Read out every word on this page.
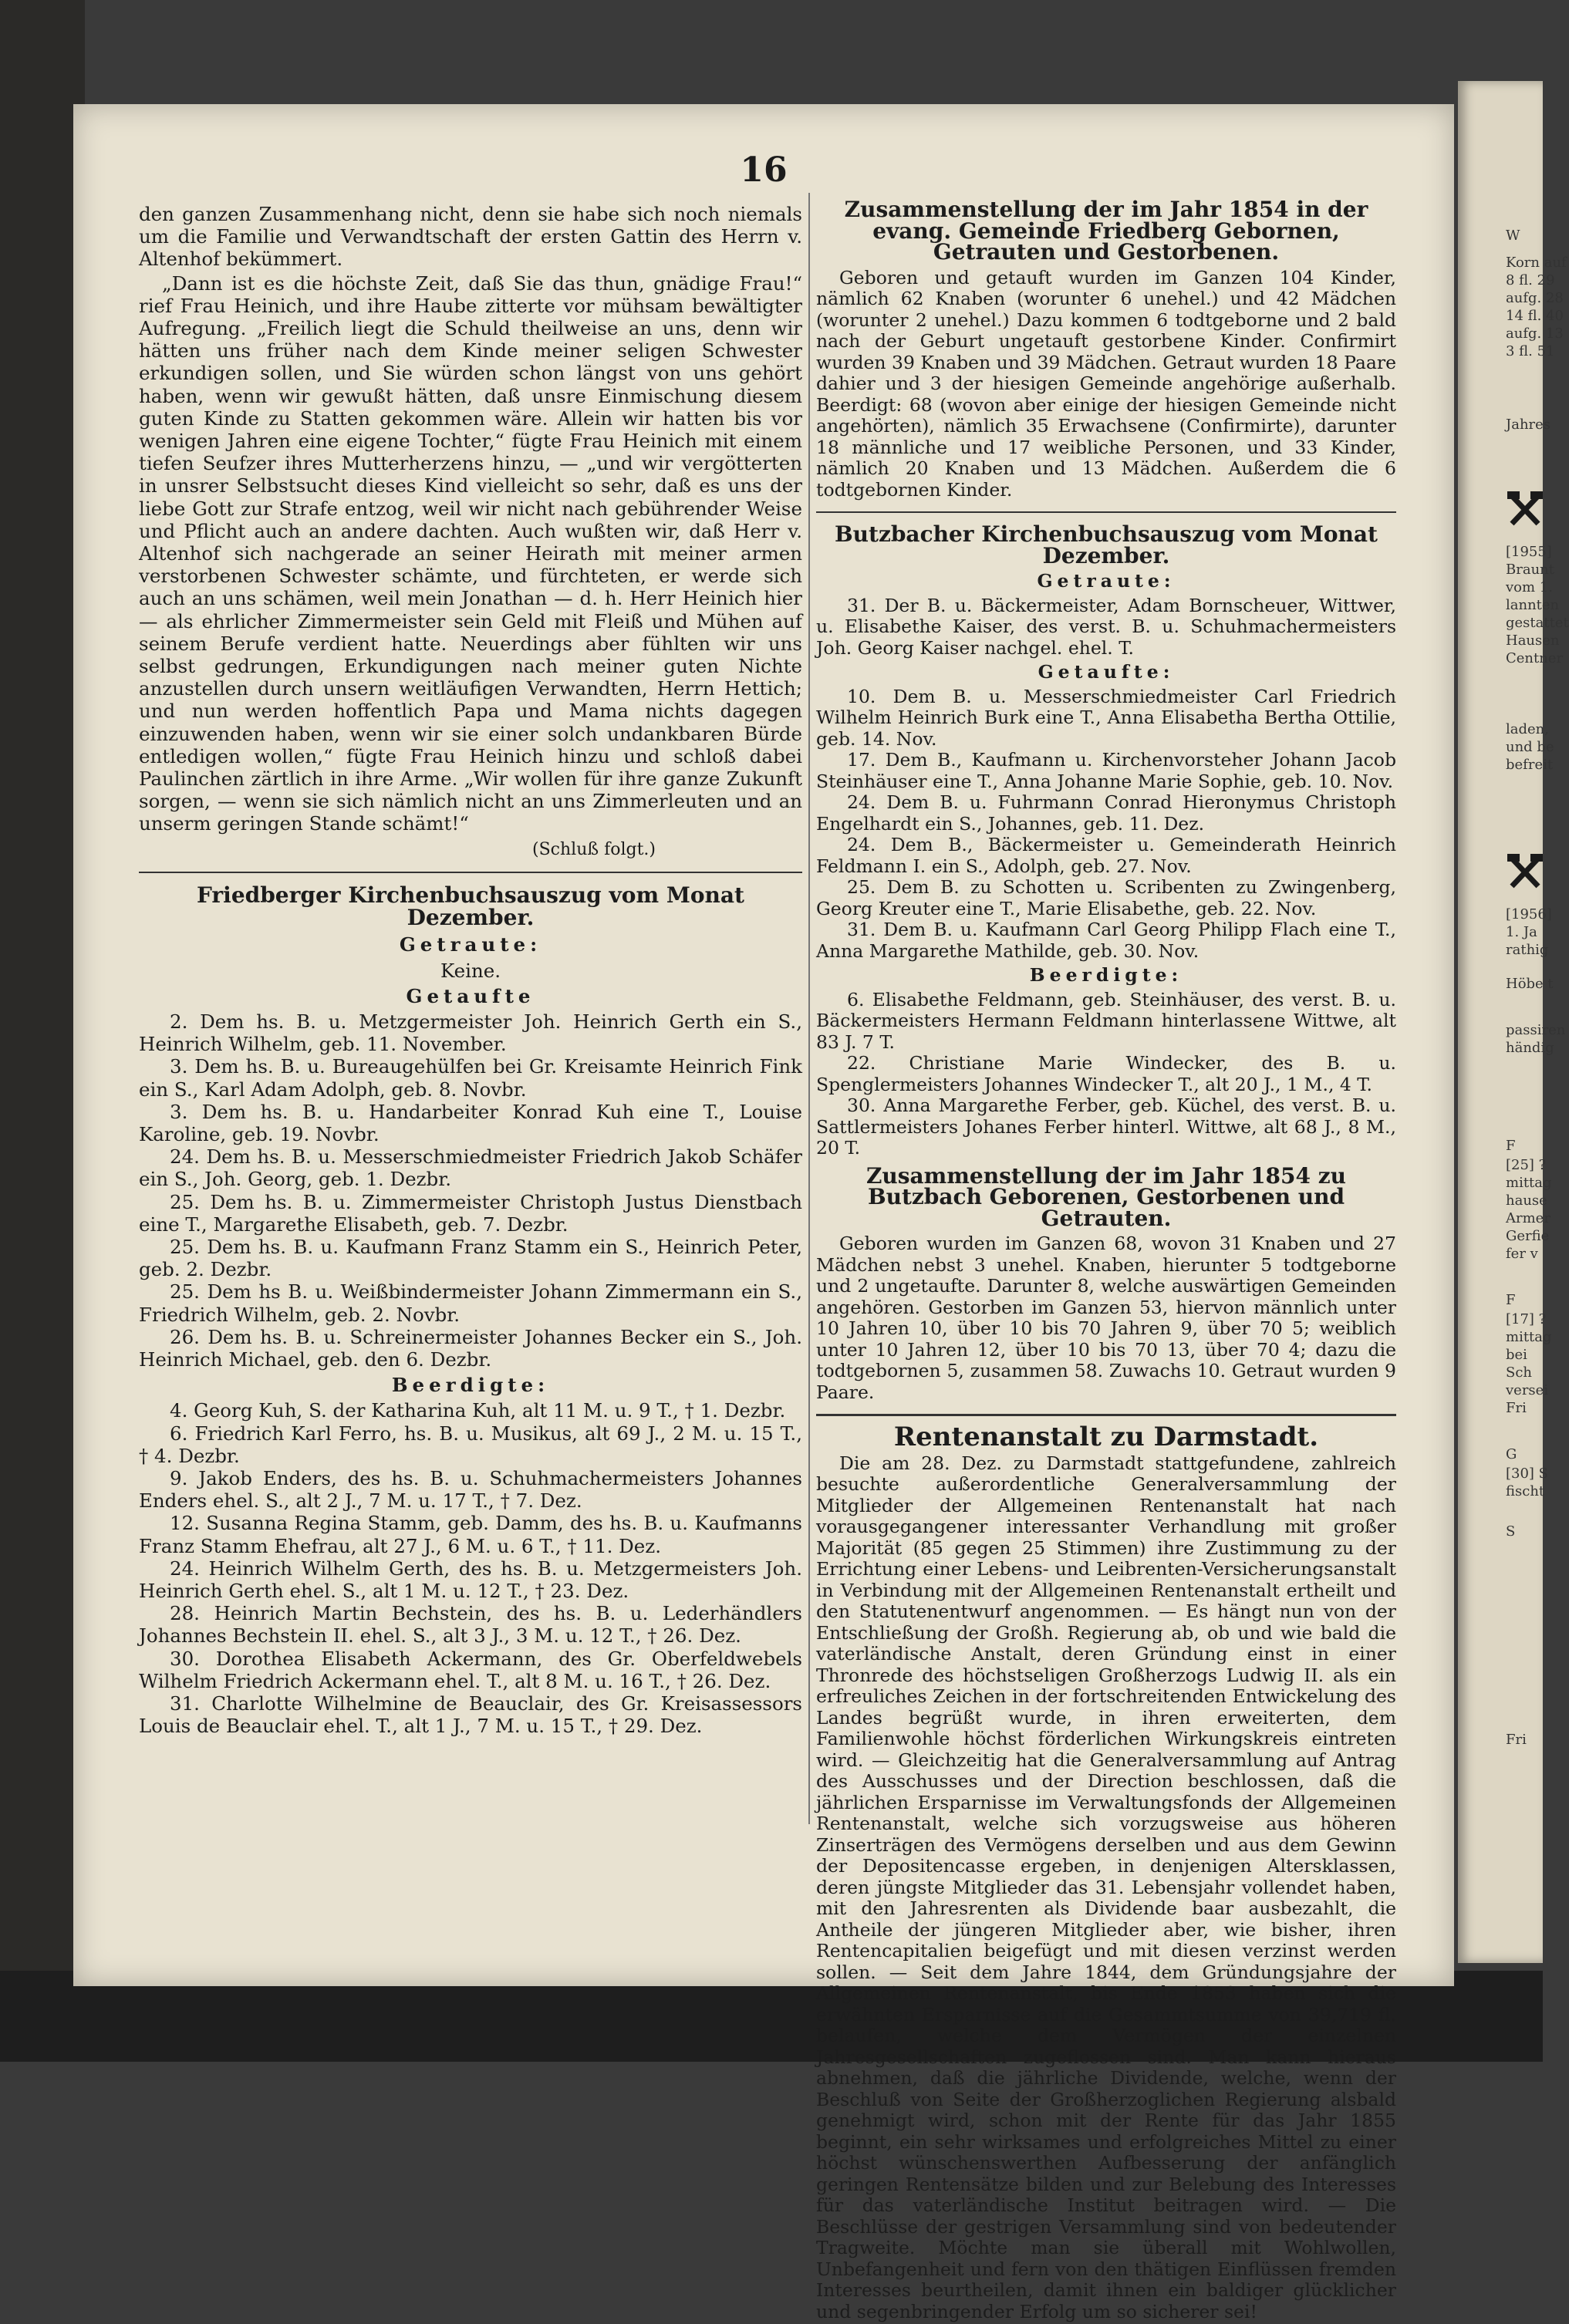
16

den ganzen Zusammenhang nicht, denn sie habe sich noch niemals um die Familie und Verwandtschaft der ersten Gattin des Herrn v. Altenhof bekümmert.

„Dann ist es die höchste Zeit, daß Sie das thun, gnädige Frau!“ rief Frau Heinich, und ihre Haube zitterte vor mühsam bewältigter Aufregung. „Freilich liegt die Schuld theilweise an uns, denn wir hätten uns früher nach dem Kinde meiner seligen Schwester erkundigen sollen, und Sie würden schon längst von uns gehört haben, wenn wir gewußt hätten, daß unsre Einmischung diesem guten Kinde zu Statten gekommen wäre. Allein wir hatten bis vor wenigen Jahren eine eigene Tochter,“ fügte Frau Heinich mit einem tiefen Seufzer ihres Mutterherzens hinzu, — „und wir vergötterten in unsrer Selbstsucht dieses Kind vielleicht so sehr, daß es uns der liebe Gott zur Strafe entzog, weil wir nicht nach gebührender Weise und Pflicht auch an andere dachten. Auch wußten wir, daß Herr v. Altenhof sich nachgerade an seiner Heirath mit meiner armen verstorbenen Schwester schämte, und fürchteten, er werde sich auch an uns schämen, weil mein Jonathan — d. h. Herr Heinich hier — als ehrlicher Zimmermeister sein Geld mit Fleiß und Mühen auf seinem Berufe verdient hatte. Neuerdings aber fühlten wir uns selbst gedrungen, Erkundigungen nach meiner guten Nichte anzustellen durch unsern weitläufigen Verwandten, Herrn Hettich; und nun werden hoffentlich Papa und Mama nichts dagegen einzuwenden haben, wenn wir sie einer solch undankbaren Bürde entledigen wollen,“ fügte Frau Heinich hinzu und schloß dabei Paulinchen zärtlich in ihre Arme. „Wir wollen für ihre ganze Zukunft sorgen, — wenn sie sich nämlich nicht an uns Zimmerleuten und an unserm geringen Stande schämt!“

(Schluß folgt.)
Friedberger Kirchenbuchsauszug vom Monat Dezember.
Getraute:
Keine.
Getaufte

2. Dem hs. B. u. Metzgermeister Joh. Heinrich Gerth ein S., Heinrich Wilhelm, geb. 11. November.

3. Dem hs. B. u. Bureaugehülfen bei Gr. Kreisamte Heinrich Fink ein S., Karl Adam Adolph, geb. 8. Novbr.

3. Dem hs. B. u. Handarbeiter Konrad Kuh eine T., Louise Karoline, geb. 19. Novbr.

24. Dem hs. B. u. Messerschmiedmeister Friedrich Jakob Schäfer ein S., Joh. Georg, geb. 1. Dezbr.

25. Dem hs. B. u. Zimmermeister Christoph Justus Dienstbach eine T., Margarethe Elisabeth, geb. 7. Dezbr.

25. Dem hs. B. u. Kaufmann Franz Stamm ein S., Heinrich Peter, geb. 2. Dezbr.

25. Dem hs B. u. Weißbindermeister Johann Zimmermann ein S., Friedrich Wilhelm, geb. 2. Novbr.

26. Dem hs. B. u. Schreinermeister Johannes Becker ein S., Joh. Heinrich Michael, geb. den 6. Dezbr.

Beerdigte:

4. Georg Kuh, S. der Katharina Kuh, alt 11 M. u. 9 T., † 1. Dezbr.

6. Friedrich Karl Ferro, hs. B. u. Musikus, alt 69 J., 2 M. u. 15 T., † 4. Dezbr.

9. Jakob Enders, des hs. B. u. Schuhmachermeisters Johannes Enders ehel. S., alt 2 J., 7 M. u. 17 T., † 7. Dez.

12. Susanna Regina Stamm, geb. Damm, des hs. B. u. Kaufmanns Franz Stamm Ehefrau, alt 27 J., 6 M. u. 6 T., † 11. Dez.

24. Heinrich Wilhelm Gerth, des hs. B. u. Metzgermeisters Joh. Heinrich Gerth ehel. S., alt 1 M. u. 12 T., † 23. Dez.

28. Heinrich Martin Bechstein, des hs. B. u. Lederhändlers Johannes Bechstein II. ehel. S., alt 3 J., 3 M. u. 12 T., † 26. Dez.

30. Dorothea Elisabeth Ackermann, des Gr. Oberfeldwebels Wilhelm Friedrich Ackermann ehel. T., alt 8 M. u. 16 T., † 26. Dez.

31. Charlotte Wilhelmine de Beauclair, des Gr. Kreisassessors Louis de Beauclair ehel. T., alt 1 J., 7 M. u. 15 T., † 29. Dez.

Zusammenstellung der im Jahr 1854 in der evang. Gemeinde Friedberg Gebornen, Getrauten und Gestorbenen.

Geboren und getauft wurden im Ganzen 104 Kinder, nämlich 62 Knaben (worunter 6 unehel.) und 42 Mädchen (worunter 2 unehel.) Dazu kommen 6 todtgeborne und 2 bald nach der Geburt ungetauft gestorbene Kinder. Confirmirt wurden 39 Knaben und 39 Mädchen. Getraut wurden 18 Paare dahier und 3 der hiesigen Gemeinde angehörige außerhalb. Beerdigt: 68 (wovon aber einige der hiesigen Gemeinde nicht angehörten), nämlich 35 Erwachsene (Confirmirte), darunter 18 männliche und 17 weibliche Personen, und 33 Kinder, nämlich 20 Knaben und 13 Mädchen. Außerdem die 6 todtgebornen Kinder.

Butzbacher Kirchenbuchsauszug vom Monat Dezember.
Getraute:

31. Der B. u. Bäckermeister, Adam Bornscheuer, Wittwer, u. Elisabethe Kaiser, des verst. B. u. Schuhmachermeisters Joh. Georg Kaiser nachgel. ehel. T.

Getaufte:

10. Dem B. u. Messerschmiedmeister Carl Friedrich Wilhelm Heinrich Burk eine T., Anna Elisabetha Bertha Ottilie, geb. 14. Nov.

17. Dem B., Kaufmann u. Kirchenvorsteher Johann Jacob Steinhäuser eine T., Anna Johanne Marie Sophie, geb. 10. Nov.

24. Dem B. u. Fuhrmann Conrad Hieronymus Christoph Engelhardt ein S., Johannes, geb. 11. Dez.

24. Dem B., Bäckermeister u. Gemeinderath Heinrich Feldmann I. ein S., Adolph, geb. 27. Nov.

25. Dem B. zu Schotten u. Scribenten zu Zwingenberg, Georg Kreuter eine T., Marie Elisabethe, geb. 22. Nov.

31. Dem B. u. Kaufmann Carl Georg Philipp Flach eine T., Anna Margarethe Mathilde, geb. 30. Nov.

Beerdigte:

6. Elisabethe Feldmann, geb. Steinhäuser, des verst. B. u. Bäckermeisters Hermann Feldmann hinterlassene Wittwe, alt 83 J. 7 T.

22. Christiane Marie Windecker, des B. u. Spenglermeisters Johannes Windecker T., alt 20 J., 1 M., 4 T.

30. Anna Margarethe Ferber, geb. Küchel, des verst. B. u. Sattlermeisters Johanes Ferber hinterl. Wittwe, alt 68 J., 8 M., 20 T.

Zusammenstellung der im Jahr 1854 zu Butzbach Geborenen, Gestorbenen und Getrauten.

Geboren wurden im Ganzen 68, wovon 31 Knaben und 27 Mädchen nebst 3 unehel. Knaben, hierunter 5 todtgeborne und 2 ungetaufte. Darunter 8, welche auswärtigen Gemeinden angehören. Gestorben im Ganzen 53, hiervon männlich unter 10 Jahren 10, über 10 bis 70 Jahren 9, über 70 5; weiblich unter 10 Jahren 12, über 10 bis 70 13, über 70 4; dazu die todtgebornen 5, zusammen 58. Zuwachs 10. Getraut wurden 9 Paare.

Rentenanstalt zu Darmstadt.

Die am 28. Dez. zu Darmstadt stattgefundene, zahlreich besuchte außerordentliche Generalversammlung der Mitglieder der Allgemeinen Rentenanstalt hat nach vorausgegangener interessanter Verhandlung mit großer Majorität (85 gegen 25 Stimmen) ihre Zustimmung zu der Errichtung einer Lebens- und Leibrenten-Versicherungsanstalt in Verbindung mit der Allgemeinen Rentenanstalt ertheilt und den Statutenentwurf angenommen. — Es hängt nun von der Entschließung der Großh. Regierung ab, ob und wie bald die vaterländische Anstalt, deren Gründung einst in einer Thronrede des höchstseligen Großherzogs Ludwig II. als ein erfreuliches Zeichen in der fortschreitenden Entwickelung des Landes begrüßt wurde, in ihren erweiterten, dem Familienwohle höchst förderlichen Wirkungskreis eintreten wird. — Gleichzeitig hat die Generalversammlung auf Antrag des Ausschusses und der Direction beschlossen, daß die jährlichen Ersparnisse im Verwaltungsfonds der Allgemeinen Rentenanstalt, welche sich vorzugsweise aus höheren Zinserträgen des Vermögens derselben und aus dem Gewinn der Depositencasse ergeben, in denjenigen Altersklassen, deren jüngste Mitglieder das 31. Lebensjahr vollendet haben, mit den Jahresrenten als Dividende baar ausbezahlt, die Antheile der jüngeren Mitglieder aber, wie bisher, ihren Rentencapitalien beigefügt und mit diesen verzinst werden sollen. — Seit dem Jahre 1844, dem Gründungsjahre der Allgemeinen Rentenanstalt, bis Ende 1853 haben sich die erwähnten Ersparnisse auf die Gesammtsumme von 39,719 fl. belaufen, welche dem Vermögen der einzelnen Jahresgesellschaften zugeflossen sind. Man kann hieraus abnehmen, daß die jährliche Dividende, welche, wenn der Beschluß von Seite der Großherzoglichen Regierung alsbald genehmigt wird, schon mit der Rente für das Jahr 1855 beginnt, ein sehr wirksames und erfolgreiches Mittel zu einer höchst wünschenswerthen Aufbesserung der anfänglich geringen Rentensätze bilden und zur Belebung des Interesses für das vaterländische Institut beitragen wird. — Die Beschlüsse der gestrigen Versammlung sind von bedeutender Tragweite. Möchte man sie überall mit Wohlwollen, Unbefangenheit und fern von den thätigen Einflüssen fremden Interesses beurtheilen, damit ihnen ein baldiger glücklicher und segenbringender Erfolg um so sicherer sei!

W
Korn auf
8 fl. 29
aufg. 28
14 fl. 40
aufg. 13
3 fl. 51
Jahres
[1955]
Braunt
vom 1.
lannten
gestattet
Hausen
Centner
laden,
und be
befreit
[1956]
1. Ja
rathig
Höbe t
passiren
händig
F
[25] ?
mittag
hause
Armer
Gerfie
fer v
F
[17] ?
mittag
bei
Sch
versei
Fri
G
[30] S
fischt
S
Fri
